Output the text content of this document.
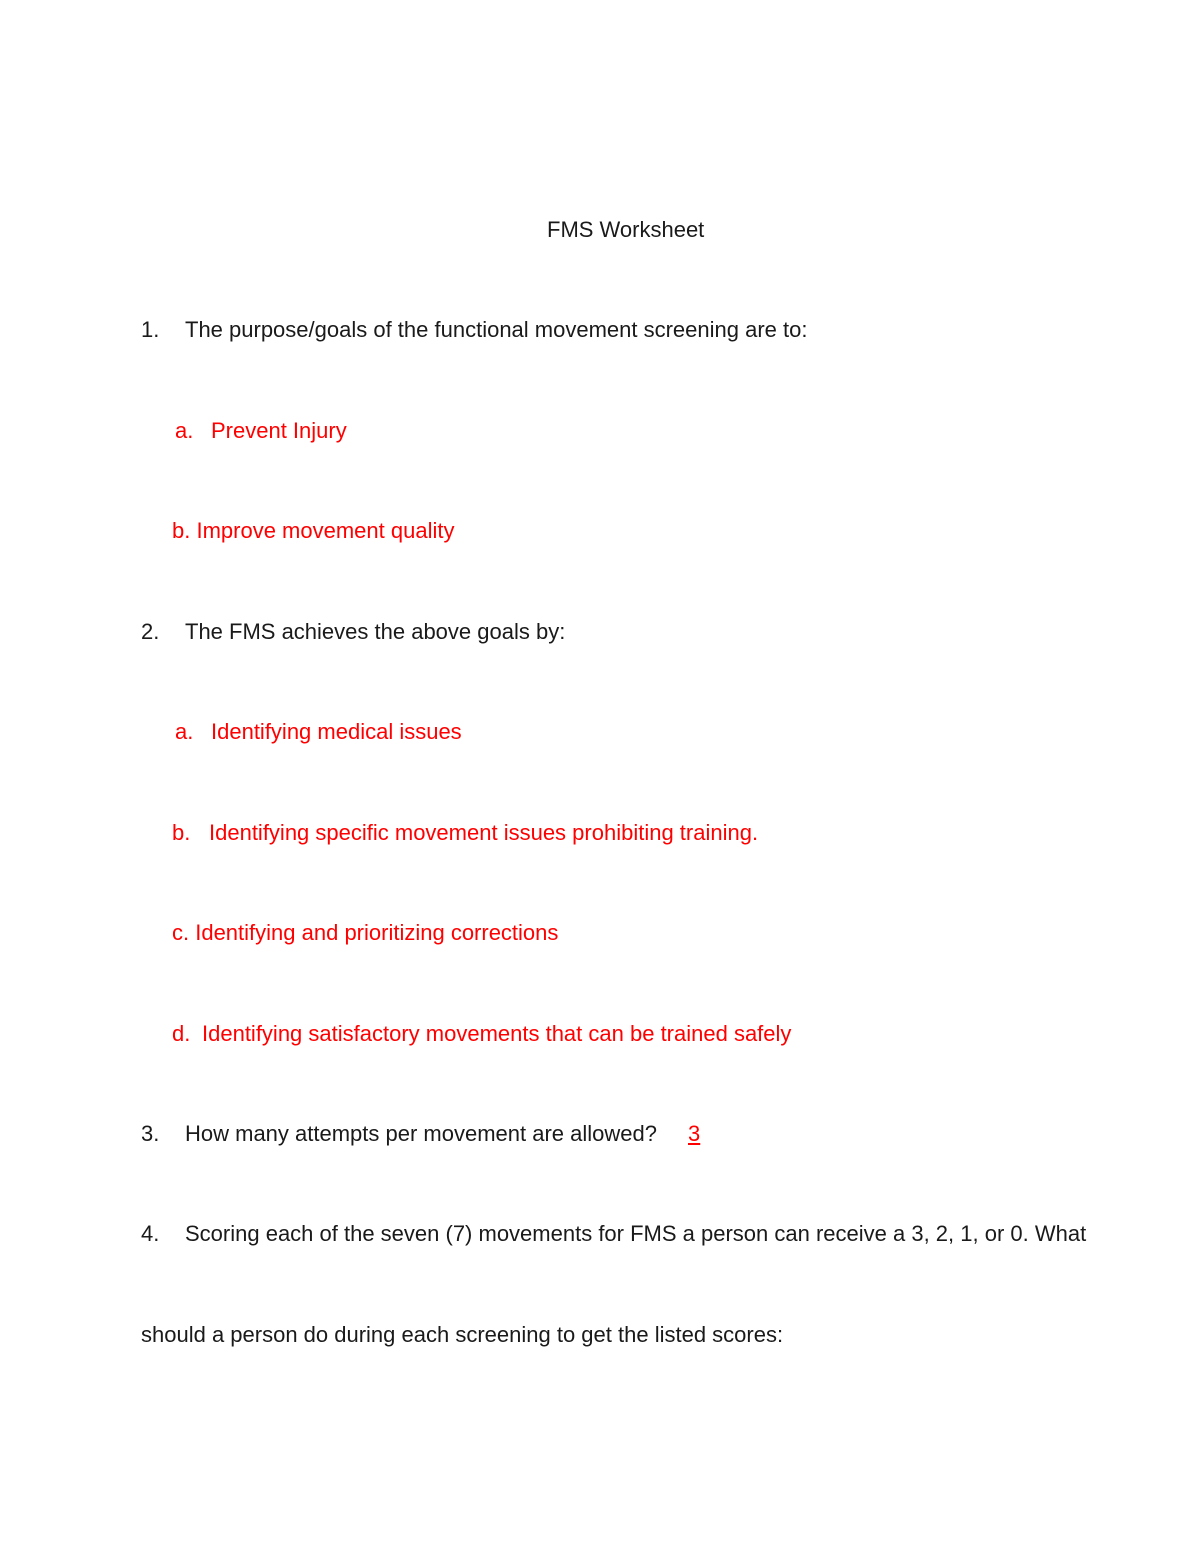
FMS Worksheet
1. The purpose/goals of the functional movement screening are to:
a. Prevent Injury
b. Improve movement quality
2. The FMS achieves the above goals by:
a. Identifying medical issues
b. Identifying specific movement issues prohibiting training.
c. Identifying and prioritizing corrections
d. Identifying satisfactory movements that can be trained safely
3. How many attempts per movement are allowed? 3
4. Scoring each of the seven (7) movements for FMS a person can receive a 3, 2, 1, or 0. What
should a person do during each screening to get the listed scores:
